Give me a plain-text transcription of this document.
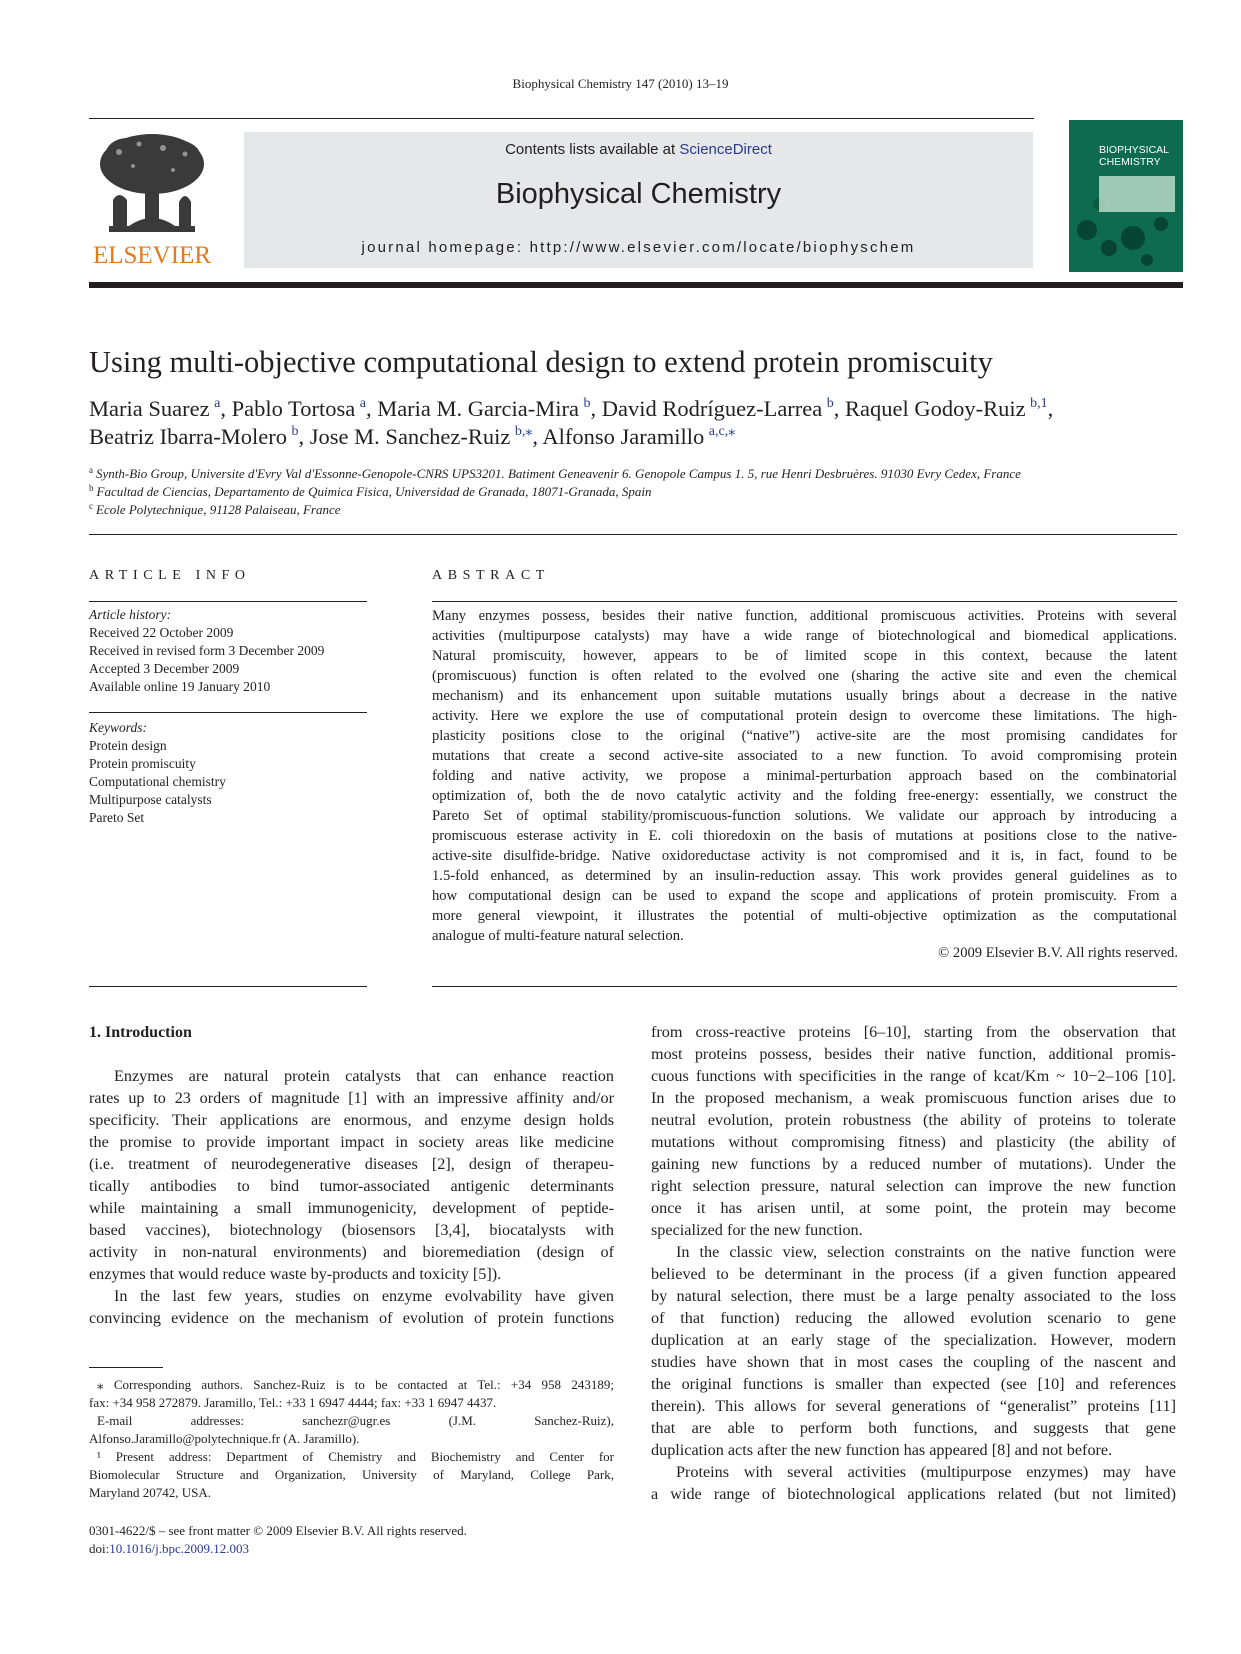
Biophysical Chemistry 147 (2010) 13–19
ELSEVIER
Contents lists available at ScienceDirect
Biophysical Chemistry
journal homepage: http://www.elsevier.com/locate/biophyschem
BIOPHYSICAL
CHEMISTRY
Using multi-objective computational design to extend protein promiscuity
Maria Suarez  $^a$, Pablo Tortosa  $^a$, Maria M. Garcia-Mira  $^b$, David Rodríguez-Larrea  $^b$, Raquel Godoy-Ruiz  $^{b,1}$,
Beatriz Ibarra-Molero  $^b$, Jose M. Sanchez-Ruiz  $^{b,⁎}$, Alfonso Jaramillo  $^{a,c,⁎}$
$^a$ Synth-Bio Group, Universite d'Evry Val d'Essonne-Genopole-CNRS UPS3201. Batiment Geneavenir 6. Genopole Campus 1. 5, rue Henri Desbruères. 91030 Evry Cedex, France
$^b$ Facultad de Ciencias, Departamento de Quimica Fisica, Universidad de Granada, 18071-Granada, Spain
$^c$ Ecole Polytechnique, 91128 Palaiseau, France
ARTICLE INFO	ABSTRACT
Article history:
Received 22 October 2009
Received in revised form 3 December 2009
Accepted 3 December 2009
Available online 19 January 2010
Keywords:
Protein design
Protein promiscuity
Computational chemistry
Multipurpose catalysts
Pareto Set
Many enzymes possess, besides their native function, additional promiscuous activities. Proteins with several
activities (multipurpose catalysts) may have a wide range of biotechnological and biomedical applications.
Natural promiscuity, however, appears to be of limited scope in this context, because the latent
(promiscuous) function is often related to the evolved one (sharing the active site and even the chemical
mechanism) and its enhancement upon suitable mutations usually brings about a decrease in the native
activity. Here we explore the use of computational protein design to overcome these limitations. The high-
plasticity positions close to the original (“native”) active-site are the most promising candidates for
mutations that create a second active-site associated to a new function. To avoid compromising protein
folding and native activity, we propose a minimal-perturbation approach based on the combinatorial
optimization of, both the de novo catalytic activity and the folding free-energy: essentially, we construct the
Pareto Set of optimal stability/promiscuous-function solutions. We validate our approach by introducing a
promiscuous esterase activity in E. coli thioredoxin on the basis of mutations at positions close to the native-
active-site disulfide-bridge. Native oxidoreductase activity is not compromised and it is, in fact, found to be
1.5-fold enhanced, as determined by an insulin-reduction assay. This work provides general guidelines as to
how computational design can be used to expand the scope and applications of protein promiscuity. From a
more general viewpoint, it illustrates the potential of multi-objective optimization as the computational
analogue of multi-feature natural selection.
© 2009 Elsevier B.V. All rights reserved.
1. Introduction
Enzymes are natural protein catalysts that can enhance reaction
rates up to 23 orders of magnitude [1] with an impressive affinity and/or
specificity. Their applications are enormous, and enzyme design holds
the promise to provide important impact in society areas like medicine
(i.e. treatment of neurodegenerative diseases [2], design of therapeu-
tically antibodies to bind tumor-associated antigenic determinants
while maintaining a small immunogenicity, development of peptide-
based vaccines), biotechnology (biosensors [3,4], biocatalysts with
activity in non-natural environments) and bioremediation (design of
enzymes that would reduce waste by-products and toxicity [5]).
In the last few years, studies on enzyme evolvability have given
convincing evidence on the mechanism of evolution of protein functions
from cross-reactive proteins [6–10], starting from the observation that
most proteins possess, besides their native function, additional promis-
cuous functions with specificities in the range of kcat/Km ~ 10−2–106 [10].
In the proposed mechanism, a weak promiscuous function arises due to
neutral evolution, protein robustness (the ability of proteins to tolerate
mutations without compromising fitness) and plasticity (the ability of
gaining new functions by a reduced number of mutations). Under the
right selection pressure, natural selection can improve the new function
once it has arisen until, at some point, the protein may become
specialized for the new function.
In the classic view, selection constraints on the native function were
believed to be determinant in the process (if a given function appeared
by natural selection, there must be a large penalty associated to the loss
of that function) reducing the allowed evolution scenario to gene
duplication at an early stage of the specialization. However, modern
studies have shown that in most cases the coupling of the nascent and
the original functions is smaller than expected (see [10] and references
therein). This allows for several generations of “generalist” proteins [11]
that are able to perform both functions, and suggests that gene
duplication acts after the new function has appeared [8] and not before.
Proteins with several activities (multipurpose enzymes) may have
a wide range of biotechnological applications related (but not limited)
⁎ Corresponding authors. Sanchez-Ruiz is to be contacted at Tel.: +34 958 243189;
fax: +34 958 272879. Jaramillo, Tel.: +33 1 6947 4444; fax: +33 1 6947 4437.
E-mail addresses: sanchezr@ugr.es (J.M. Sanchez-Ruiz),
Alfonso.Jaramillo@polytechnique.fr (A. Jaramillo).
¹ Present address: Department of Chemistry and Biochemistry and Center for
Biomolecular Structure and Organization, University of Maryland, College Park,
Maryland 20742, USA.
0301-4622/$ – see front matter © 2009 Elsevier B.V. All rights reserved.
doi:10.1016/j.bpc.2009.12.003
